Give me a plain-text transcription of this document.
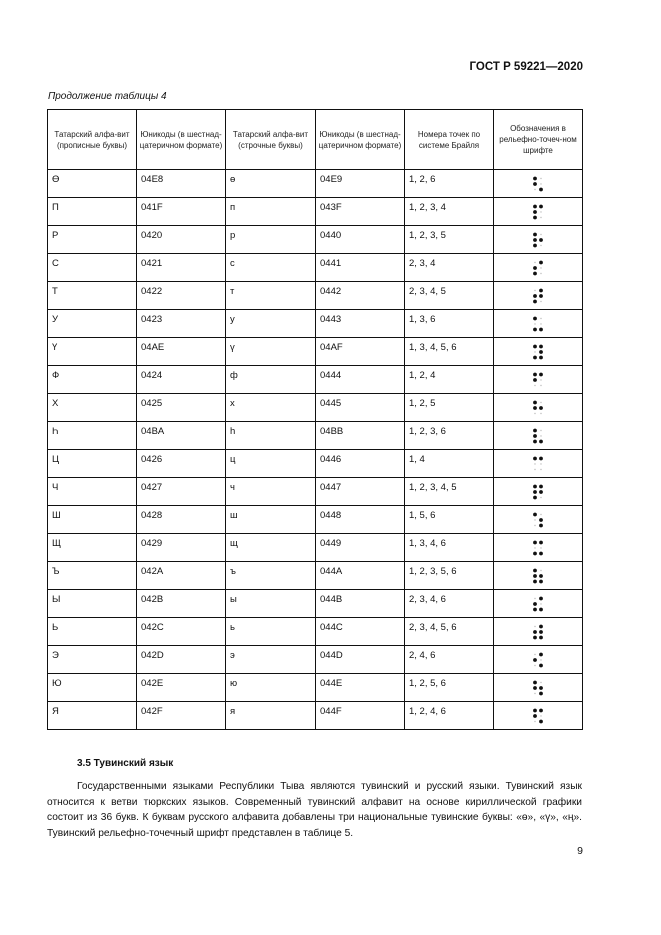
ГОСТ Р 59221—2020
Продолжение таблицы 4
Татарский алфа-вит (прописные буквы)	Юникоды (в шестнад-цатеричном формате)	Татарский алфа-вит (строчные буквы)	Юникоды (в шестнад-цатеричном формате)	Номера точек по системе Брайля	Обозначения в рельефно-точеч-ном шрифте
Ө	04E8	ө	04E9	1, 2, 6	

П	041F	п	043F	1, 2, 3, 4	

Р	0420	р	0440	1, 2, 3, 5	

С	0421	с	0441	2, 3, 4	

Т	0422	т	0442	2, 3, 4, 5	

У	0423	у	0443	1, 3, 6	

Ү	04AE	ү	04AF	1, 3, 4, 5, 6	

Ф	0424	ф	0444	1, 2, 4	

Х	0425	х	0445	1, 2, 5	

Һ	04BA	һ	04BB	1, 2, 3, 6	

Ц	0426	ц	0446	1, 4	

Ч	0427	ч	0447	1, 2, 3, 4, 5	

Ш	0428	ш	0448	1, 5, 6	

Щ	0429	щ	0449	1, 3, 4, 6	

Ъ	042A	ъ	044A	1, 2, 3, 5, 6	

Ы	042B	ы	044B	2, 3, 4, 6	

Ь	042C	ь	044C	2, 3, 4, 5, 6	

Э	042D	э	044D	2, 4, 6	

Ю	042E	ю	044E	1, 2, 5, 6	

Я	042F	я	044F	1, 2, 4, 6	
3.5 Тувинский язык

Государственными языками Республики Тыва являются тувинский и русский языки. Тувинский язык относится к ветви тюркских языков. Современный тувинский алфавит на основе кириллической графики состоит из 36 букв. К буквам русского алфавита добавлены три национальные тувинские буквы: «ө», «ү», «ң». Тувинский рельефно-точечный шрифт представлен в таблице 5.

9
